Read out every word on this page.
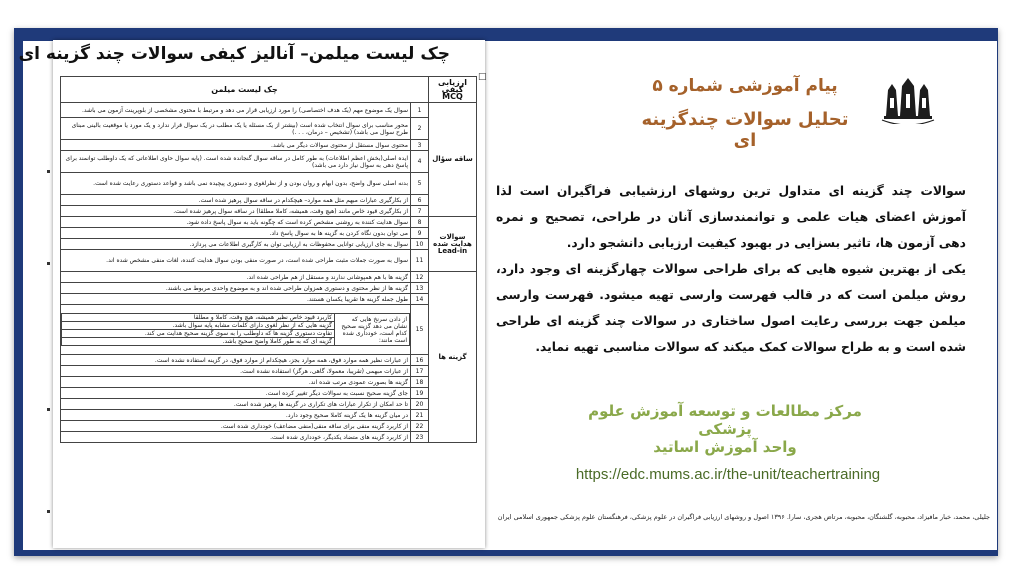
چک لیست میلمن– آنالیز کیفی سوالات چند گزینه ای
□
ارزیابی کیفی MCQ	چک لیست میلمن
ساقه سؤال	1	سوال یک موضوع مهم (یک هدف اختصاصی) را مورد ارزیابی قرار می دهد و مرتبط با محتوی مشخصی از بلوپرینت آزمون می باشد.
2	محور مناسب برای سوال انتخاب شده است (بیشتر از یک مسئله یا یک مطلب در یک سوال قرار ندارد و یک مورد یا موقعیت بالینی مبنای طرح سوال می باشد) (تشخیص – درمان، . . .)
3	محتوی سوال مستقل از محتوی سوالات دیگر می باشد.
4	ایده اصلی(بخش اعظم اطلاعات) به طور کامل در ساقه سوال گنجانده شده است. (پایه سوال حاوی اطلاعاتی که یک داوطلب توانمند برای پاسخ دهی به سوال نیاز دارد می باشد)
5	بدنه اصلی سوال واضح، بدون ابهام و روان بودن و از نظرلغوی و دستوری پیچیده نمی باشد و قواعد دستوری رعایت شده است.
6	از بکارگیری عبارات مبهم مثل همه موارد– هیچکدام در ساقه سوال پرهیز شده است.
7	از بکارگیری قیود خاص مانند (هیچ وقت، همیشه، کاملا مطلقا) در ساقه سوال پرهیز شده است.
سوالات هدایت شده Lead-in	8	سوال هدایت کننده به روشنی مشخص کرده است که چگونه باید به سوال پاسخ داده شود.
9	می توان بدون نگاه کردن به گزینه ها به سوال پاسخ داد.
10	سوال به جای ارزیابی توانایی محفوظات به ارزیابی توان به کارگیری اطلاعات می پردازد.
11	سوال به صورت جملات مثبت طراحی شده است، در صورت منفی بودن سوال هدایت کننده، لغات منفی مشخص شده اند.
گزینه ها	12	گزینه ها با هم همپوشانی ندارند و مستقل از هم طراحی شده اند.
13	گزینه ها از نظر محتوی و دستوری همزوان طراحی شده اند و به موضوع واحدی مربوط می باشند.
14	طول جمله گزینه ها تقریبا یکسان هستند.
15	
از دادن سرنخ هایی که نشان می دهد گزینه صحیح کدام است، خودداری شده است مانند:	کاربرد قیود خاص نظیر همیشه، هیچ وقت، کاملا و مطلقا
گزینه هایی که از نظر لغوی دارای کلمات مشابه پایه سوال باشد.
تفاوت دستوری گزینه ها که داوطلب را به سوی گزینه صحیح هدایت می کند.
گزینه ای که به طور کاملا واضح صحیح باشد.

16	از عبارات نظیر همه موارد فوق، همه موارد بجز، هیچکدام از موارد فوق، در گزینه استفاده نشده است.
17	از عبارات مبهمی (تقریبا، معمولا، گاهی، هرگز) استفاده نشده است.
18	گزینه ها بصورت عمودی مرتب شده اند.
19	جای گزینه صحیح نسبت به سوالات دیگر تغییر کرده است.
20	تا حد امکان از تکرار عبارات های تکراری در گزینه ها پرهیز شده است.
21	در میان گزینه ها یک گزینه کاملا صحیح وجود دارد.
22	از کاربرد گزینه منفی برای ساقه منفی(منفی مضاعف) خودداری شده است.
23	از کاربرد گزینه های متضاد یکدیگر، خودداری شده است.
پیام آموزشی شماره ۵
تحلیل سوالات چندگزینه ای

سوالات چند گزینه ای متداول ترین روشهای ارزشیابی فراگیران است لذا آموزش اعضای هیات علمی و توانمندسازی آنان در طراحی، تصحیح و نمره دهی آزمون ها، تاثیر بسزایی در بهبود کیفیت ارزیابی دانشجو دارد.

یکی از بهترین شیوه هایی که برای طراحی سوالات چهارگزینه ای وجود دارد، روش میلمن است که در قالب فهرست وارسی تهیه میشود. فهرست وارسی میلمن جهت بررسی رعایت اصول ساختاری در سوالات چند گزینه ای طراحی شده است و به طراح سوالات کمک میکند که سوالات مناسبی تهیه نماید.

مرکز مطالعات و توسعه آموزش علوم پزشکی
واحد آموزش اساتید
https://edc.mums.ac.ir/the-unit/teachertraining
جلیلی، محمد، خبار مافیزاد، محبوبه، گلشنگان، محبوبه، مرتاض هجری، سارا. ۱۳۹۶ اصول و روشهای ارزیابی فراگیران در علوم پزشکی، فرهنگستان علوم پزشکی جمهوری اسلامی ایران
